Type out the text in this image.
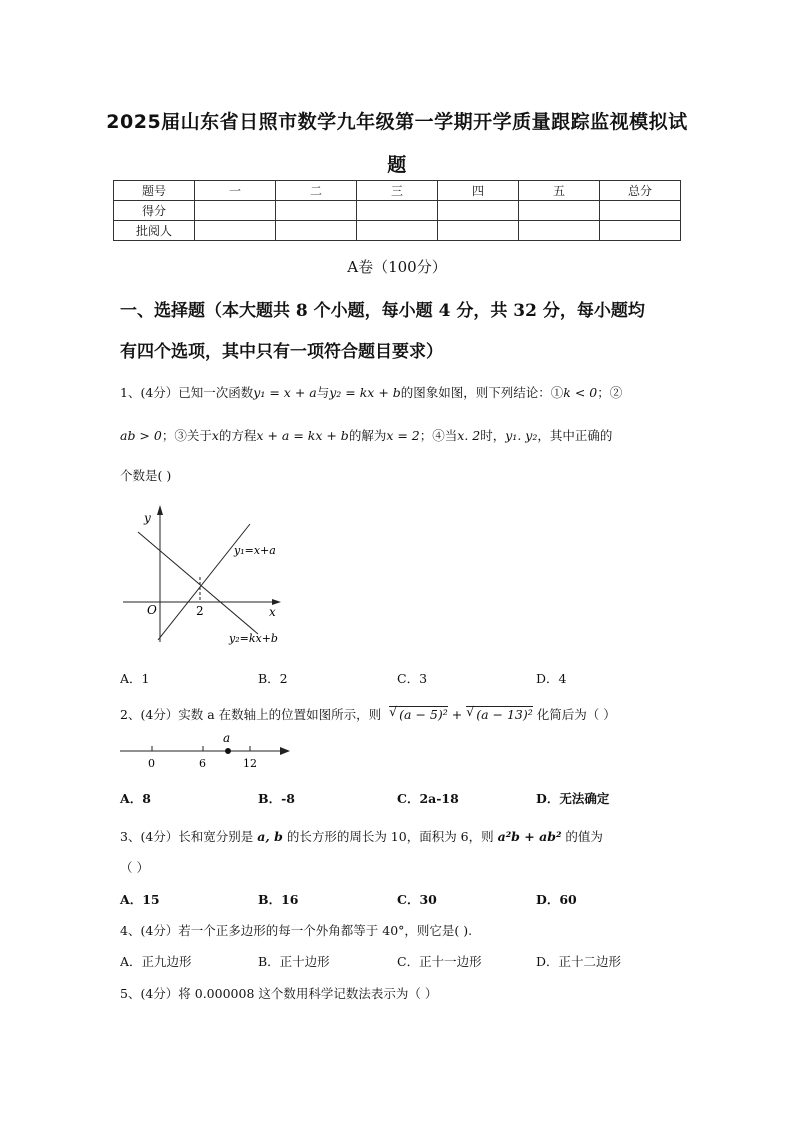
2025届山东省日照市数学九年级第一学期开学质量跟踪监视模拟试
题
题号	一	二	三	四	五	总分
得分						
批阅人						
A卷（100分）
一、选择题（本大题共 8 个小题，每小题 4 分，共 32 分，每小题均
有四个选项，其中只有一项符合题目要求）
1、(4分）已知一次函数y₁ = x + a与y₂ = kx + b的图象如图，则下列结论：①k < 0；②
ab > 0；③关于x的方程x + a = kx + b的解为x = 2；④当x. 2时，y₁. y₂，其中正确的
个数是( )
y
x
O	2
y₁=x+a
y₂=kx+b
A．1	B．2	C．3	D．4
2、(4分）实数 a 在数轴上的位置如图所示，则 √ (a − 5)² + √ (a − 13)² 化简后为（ ）
a
0	6	12
A．8	B．-8	C．2a-18	D．无法确定
3、(4分）长和宽分别是 a, b 的长方形的周长为 10，面积为 6，则 a²b + ab² 的值为
（ ）
A．15	B．16	C．30	D．60
4、(4分）若一个正多边形的每一个外角都等于 40°，则它是( ).
A．正九边形	B．正十边形	C．正十一边形	D．正十二边形
5、(4分）将 0.000008 这个数用科学记数法表示为（ ）
